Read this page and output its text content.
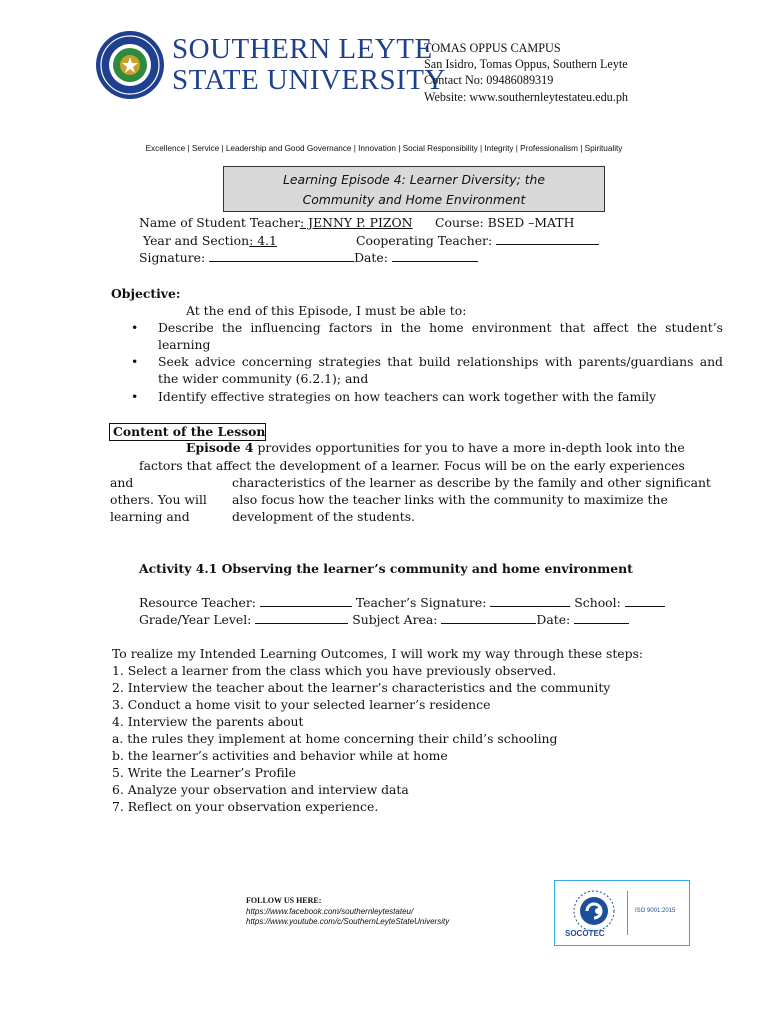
SOUTHERN LEYTE
STATE UNIVERSITY
TOMAS OPPUS CAMPUS
San Isidro, Tomas Oppus, Southern Leyte
Contact No: 09486089319
Website: www.southernleytestateu.edu.ph
Excellence | Service | Leadership and Good Governance | Innovation | Social Responsibility | Integrity | Professionalism | Spirituality
Learning Episode 4: Learner Diversity; the
Community and Home Environment
Name of Student Teacher: JENNY P. PIZON Course: BSED –MATH
Year and Section: 4.1	Cooperating Teacher:
Signature:	Date:
Objective:
At the end of this Episode, I must be able to:
• Describe the influencing factors in the home environment that affect the student’s learning
• Seek advice concerning strategies that build relationships with parents/guardians and the wider community (6.2.1); and
• Identify effective strategies on how teachers can work together with the family
Content of the Lesson
Episode 4 provides opportunities for you to have a more in-depth look into the
factors that affect the development of a learner. Focus will be on the early experiences
and	characteristics of the learner as describe by the family and other significant
others. You will also focus how the teacher links with the community to maximize the
learning and	development of the students.
Activity 4.1 Observing the learner’s community and home environment
Resource Teacher:	Teacher’s Signature:	School:
Grade/Year Level:	Subject Area:	Date:
To realize my Intended Learning Outcomes, I will work my way through these steps:
1. Select a learner from the class which you have previously observed.
2. Interview the teacher about the learner’s characteristics and the community
3. Conduct a home visit to your selected learner’s residence
4. Interview the parents about
a. the rules they implement at home concerning their child’s schooling
b. the learner’s activities and behavior while at home
5. Write the Learner’s Profile
6. Analyze your observation and interview data
7. Reflect on your observation experience.
FOLLOW US HERE:
https://www.facebook.com/southernleytestateu/
https://www.youtube.com/c/SouthernLeyteStateUniversity
SOCOTEC
ISO 9001:2015
